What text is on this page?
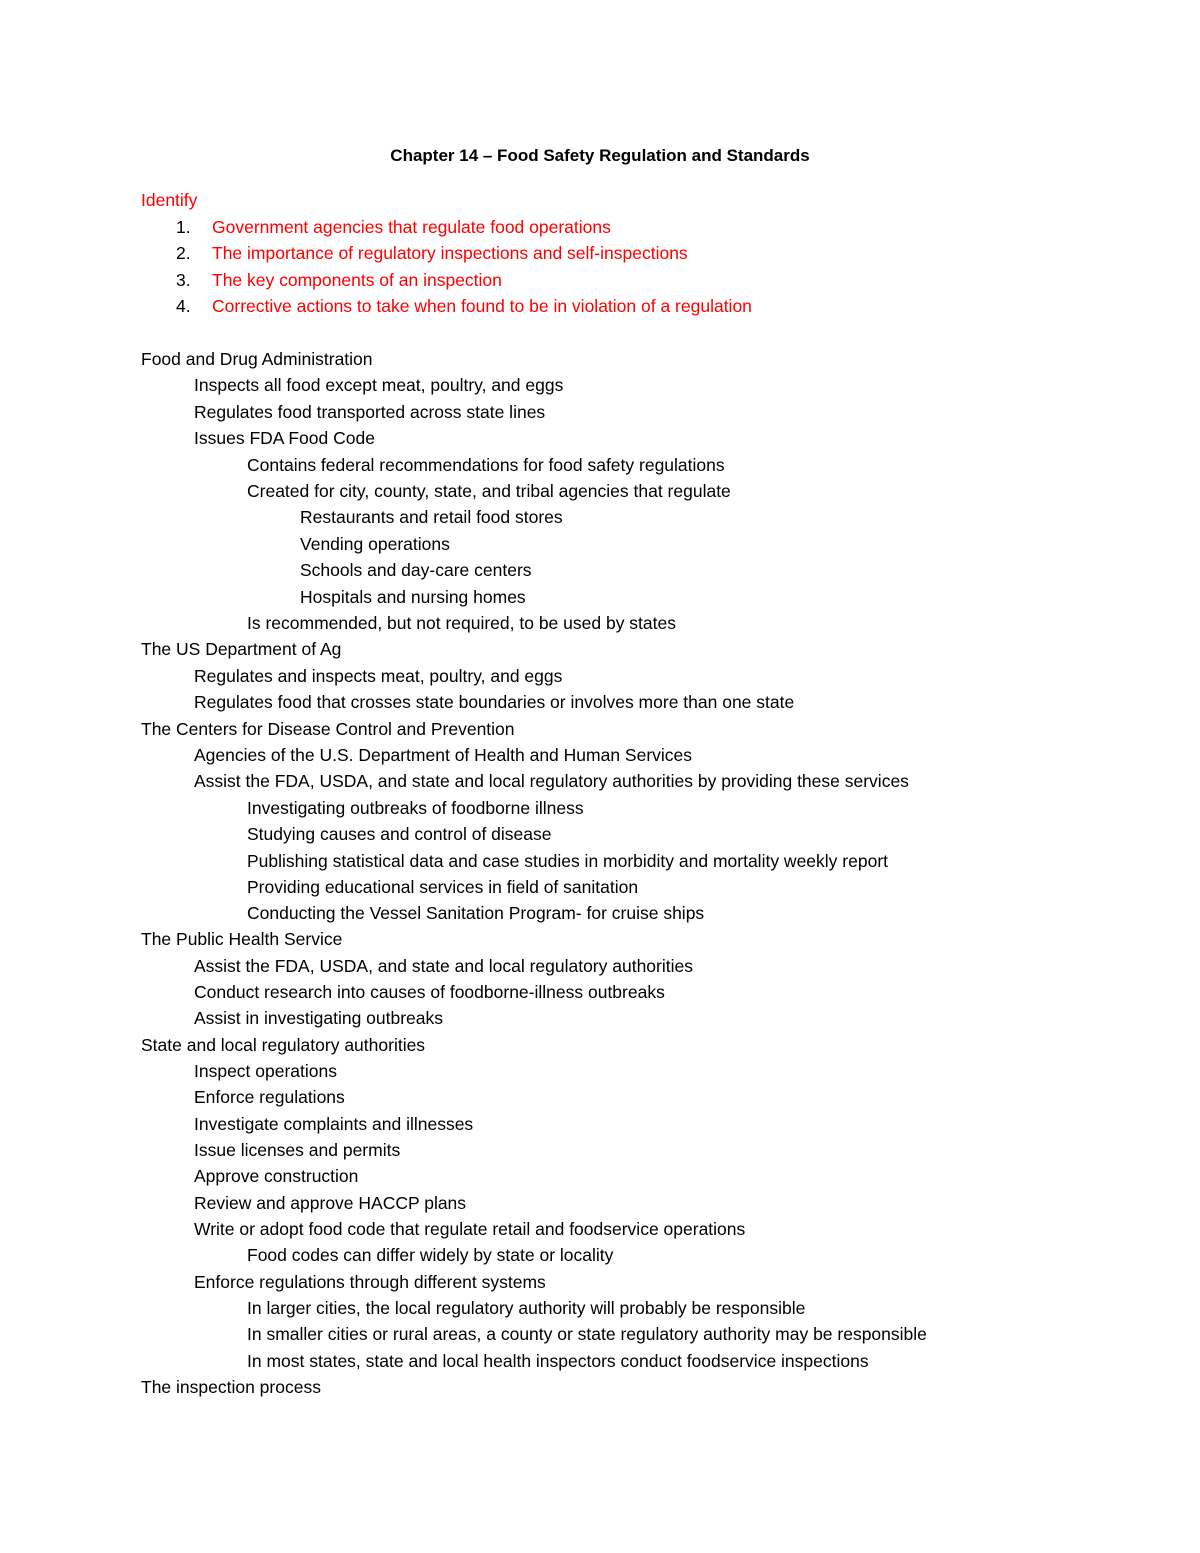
Chapter 14 – Food Safety Regulation and Standards
Identify
1. Government agencies that regulate food operations
2. The importance of regulatory inspections and self-inspections
3. The key components of an inspection
4. Corrective actions to take when found to be in violation of a regulation
Food and Drug Administration
Inspects all food except meat, poultry, and eggs
Regulates food transported across state lines
Issues FDA Food Code
Contains federal recommendations for food safety regulations
Created for city, county, state, and tribal agencies that regulate
Restaurants and retail food stores
Vending operations
Schools and day-care centers
Hospitals and nursing homes
Is recommended, but not required, to be used by states
The US Department of Ag
Regulates and inspects meat, poultry, and eggs
Regulates food that crosses state boundaries or involves more than one state
The Centers for Disease Control and Prevention
Agencies of the U.S. Department of Health and Human Services
Assist the FDA, USDA, and state and local regulatory authorities by providing these services
Investigating outbreaks of foodborne illness
Studying causes and control of disease
Publishing statistical data and case studies in morbidity and mortality weekly report
Providing educational services in field of sanitation
Conducting the Vessel Sanitation Program- for cruise ships
The Public Health Service
Assist the FDA, USDA, and state and local regulatory authorities
Conduct research into causes of foodborne-illness outbreaks
Assist in investigating outbreaks
State and local regulatory authorities
Inspect operations
Enforce regulations
Investigate complaints and illnesses
Issue licenses and permits
Approve construction
Review and approve HACCP plans
Write or adopt food code that regulate retail and foodservice operations
Food codes can differ widely by state or locality
Enforce regulations through different systems
In larger cities, the local regulatory authority will probably be responsible
In smaller cities or rural areas, a county or state regulatory authority may be responsible
In most states, state and local health inspectors conduct foodservice inspections
The inspection process
